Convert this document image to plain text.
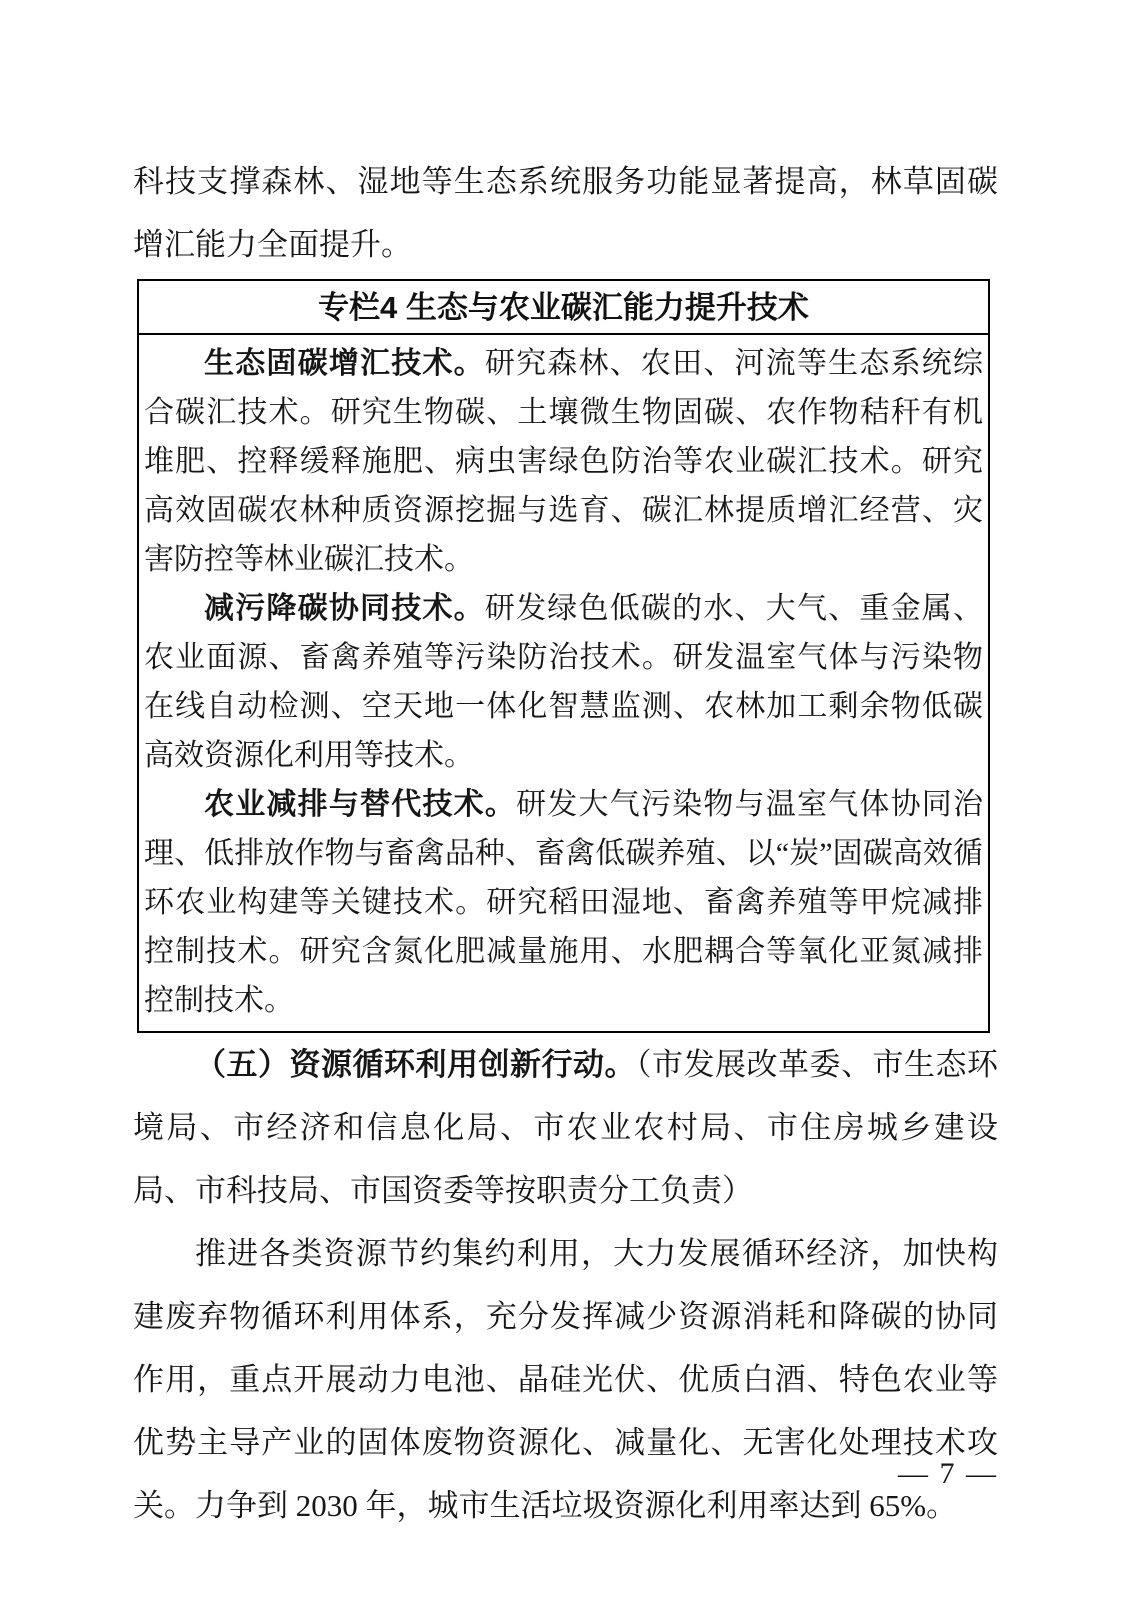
科技支撑森林、湿地等生态系统服务功能显著提高，林草固碳增汇能力全面提升。

专栏4 生态与农业碳汇能力提升技术

生态固碳增汇技术。研究森林、农田、河流等生态系统综合碳汇技术。研究生物碳、土壤微生物固碳、农作物秸秆有机堆肥、控释缓释施肥、病虫害绿色防治等农业碳汇技术。研究高效固碳农林种质资源挖掘与选育、碳汇林提质增汇经营、灾害防控等林业碳汇技术。

减污降碳协同技术。研发绿色低碳的水、大气、重金属、农业面源、畜禽养殖等污染防治技术。研发温室气体与污染物在线自动检测、空天地一体化智慧监测、农林加工剩余物低碳高效资源化利用等技术。

农业减排与替代技术。研发大气污染物与温室气体协同治理、低排放作物与畜禽品种、畜禽低碳养殖、以“炭”固碳高效循环农业构建等关键技术。研究稻田湿地、畜禽养殖等甲烷减排控制技术。研究含氮化肥减量施用、水肥耦合等氧化亚氮减排控制技术。

（五）资源循环利用创新行动。（市发展改革委、市生态环境局、市经济和信息化局、市农业农村局、市住房城乡建设局、市科技局、市国资委等按职责分工负责）

推进各类资源节约集约利用，大力发展循环经济，加快构建废弃物循环利用体系，充分发挥减少资源消耗和降碳的协同作用，重点开展动力电池、晶硅光伏、优质白酒、特色农业等优势主导产业的固体废物资源化、减量化、无害化处理技术攻关。力争到 2030 年，城市生活垃圾资源化利用率达到 65%。

— 7 —
